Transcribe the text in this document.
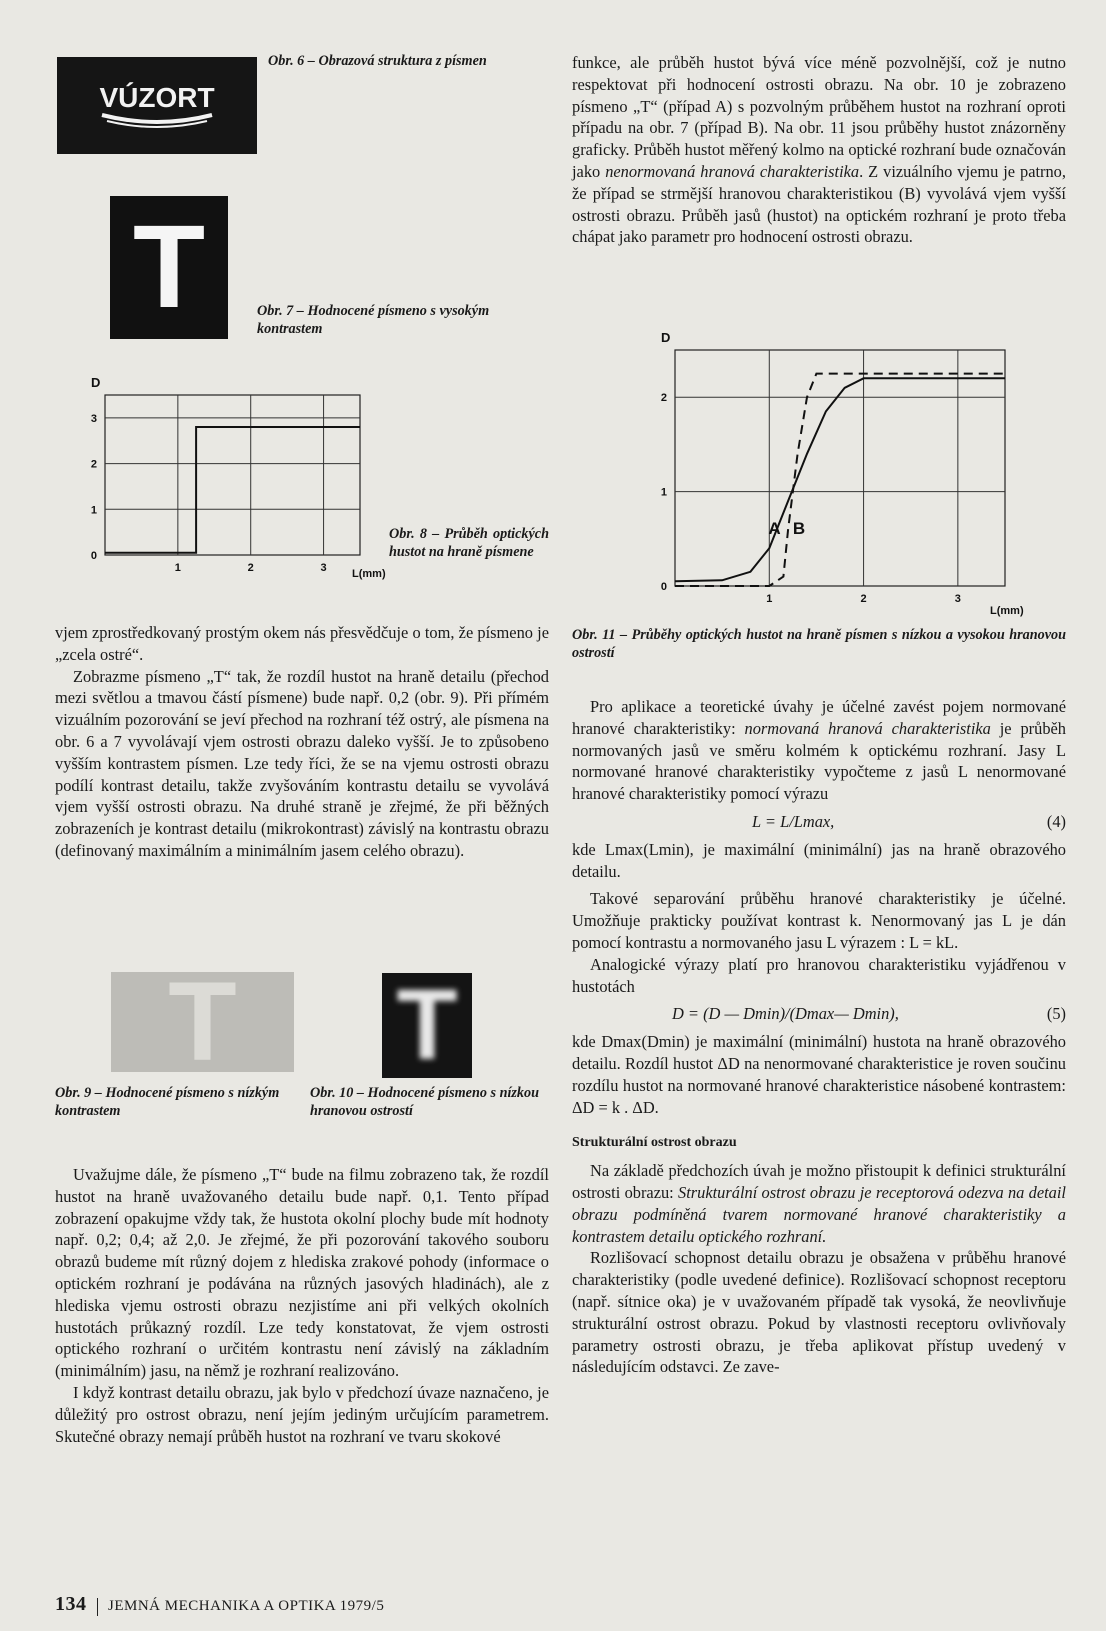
VÚZORT
Obr. 6 – Obrazová struktura z písmen
T	Obr. 7 – Hodnocené písmeno s vysokým kontrastem
0
1
2
3
1	2	3
D
L(mm)
Obr. 8 – Průběh optických hustot na hraně písmene

vjem zprostředkovaný prostým okem nás přesvědčuje o tom, že písmeno je „zcela ostré“.

Zobrazme písmeno „T“ tak, že rozdíl hustot na hraně detailu (přechod mezi světlou a tmavou částí písmene) bude např. 0,2 (obr. 9). Při přímém vizuálním pozorování se jeví přechod na rozhraní též ostrý, ale písmena na obr. 6 a 7 vyvolávají vjem ostrosti obrazu daleko vyšší. Je to způsobeno vyšším kontrastem písmen. Lze tedy říci, že se na vjemu ostrosti obrazu podílí kontrast detailu, takže zvyšováním kontrastu detailu se vyvolává vjem vyšší ostrosti obrazu. Na druhé straně je zřejmé, že při běžných zobrazeních je kontrast detailu (mikrokontrast) závislý na kontrastu obrazu (definovaný maximálním a minimálním jasem celého obrazu).

T
Obr. 9 – Hodnocené písmeno s nízkým kontrastem
T
Obr. 10 – Hodnocené písmeno s nízkou hranovou ostrostí

Uvažujme dále, že písmeno „T“ bude na filmu zobrazeno tak, že rozdíl hustot na hraně uvažovaného detailu bude např. 0,1. Tento případ zobrazení opakujme vždy tak, že hustota okolní plochy bude mít hodnoty např. 0,2; 0,4; až 2,0. Je zřejmé, že při pozorování takového souboru obrazů budeme mít různý dojem z hlediska zrakové pohody (informace o optickém rozhraní je podávána na různých jasových hladinách), ale z hlediska vjemu ostrosti obrazu nezjistíme ani při velkých okolních hustotách průkazný rozdíl. Lze tedy konstatovat, že vjem ostrosti optického rozhraní o určitém kontrastu není závislý na základním (minimálním) jasu, na němž je rozhraní realizováno.

I když kontrast detailu obrazu, jak bylo v předchozí úvaze naznačeno, je důležitý pro ostrost obrazu, není jejím jediným určujícím parametrem. Skutečné obrazy nemají průběh hustot na rozhraní ve tvaru skokové

funkce, ale průběh hustot bývá více méně pozvolnější, což je nutno respektovat při hodnocení ostrosti obrazu. Na obr. 10 je zobrazeno písmeno „T“ (případ A) s pozvolným průběhem hustot na rozhraní oproti případu na obr. 7 (případ B). Na obr. 11 jsou průběhy hustot znázorněny graficky. Průběh hustot měřený kolmo na optické rozhraní bude označován jako nenormovaná hranová charakteristika. Z vizuálního vjemu je patrno, že případ se strmější hranovou charakteristikou (B) vyvolává vjem vyšší ostrosti obrazu. Průběh jasů (hustot) na optickém rozhraní je proto třeba chápat jako parametr pro hodnocení ostrosti obrazu.

0
1
2
1	2	3
D
L(mm)
A B
Obr. 11 – Průběhy optických hustot na hraně písmen s nízkou a vysokou hranovou ostrostí

Pro aplikace a teoretické úvahy je účelné zavést pojem normované hranové charakteristiky: normovaná hranová charakteristika je průběh normovaných jasů ve směru kolmém k optickému rozhraní. Jasy L normované hranové charakteristiky vypočteme z jasů L nenormované hranové charakteristiky pomocí výrazu

L = L/Lmax,	(4)

kde Lmax(Lmin), je maximální (minimální) jas na hraně obrazového detailu.

Takové separování průběhu hranové charakteristiky je účelné. Umožňuje prakticky používat kontrast k. Nenormovaný jas L je dán pomocí kontrastu a normovaného jasu L výrazem : L = kL.

Analogické výrazy platí pro hranovou charakteristiku vyjádřenou v hustotách

D = (D — Dmin)/(Dmax— Dmin),	(5)

kde Dmax(Dmin) je maximální (minimální) hustota na hraně obrazového detailu. Rozdíl hustot ΔD na nenormované charakteristice je roven součinu rozdílu hustot na normované hranové charakteristice násobené kontrastem: ΔD = k . ΔD.

Strukturální ostrost obrazu

Na základě předchozích úvah je možno přistoupit k definici strukturální ostrosti obrazu: Strukturální ostrost obrazu je receptorová odezva na detail obrazu podmíněná tvarem normované hranové charakteristiky a kontrastem detailu optického rozhraní.

Rozlišovací schopnost detailu obrazu je obsažena v průběhu hranové charakteristiky (podle uvedené definice). Rozlišovací schopnost receptoru (např. sítnice oka) je v uvažovaném případě tak vysoká, že neovlivňuje strukturální ostrost obrazu. Pokud by vlastnosti receptoru ovlivňovaly parametry ostrosti obrazu, je třeba aplikovat přístup uvedený v následujícím odstavci. Ze zave-

134 JEMNÁ MECHANIKA A OPTIKA 1979/5
